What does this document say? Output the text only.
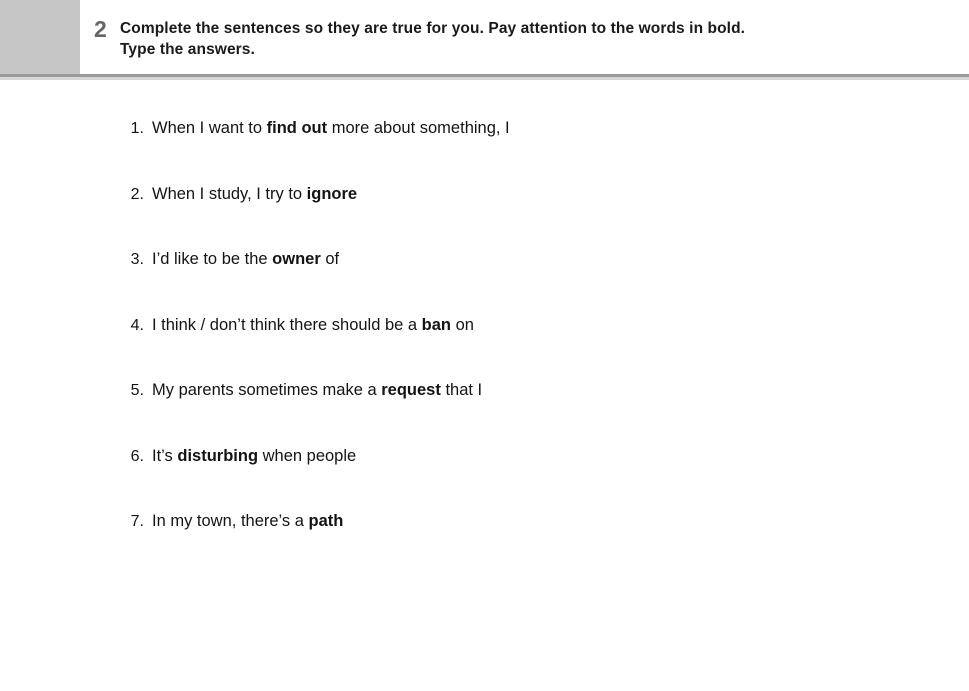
2 Complete the sentences so they are true for you. Pay attention to the words in bold.
Type the answers.
1. When I want to find out more about something, I
2. When I study, I try to ignore
3. I’d like to be the owner of
4. I think / don’t think there should be a ban on
5. My parents sometimes make a request that I
6. It’s disturbing when people
7. In my town, there’s a path
